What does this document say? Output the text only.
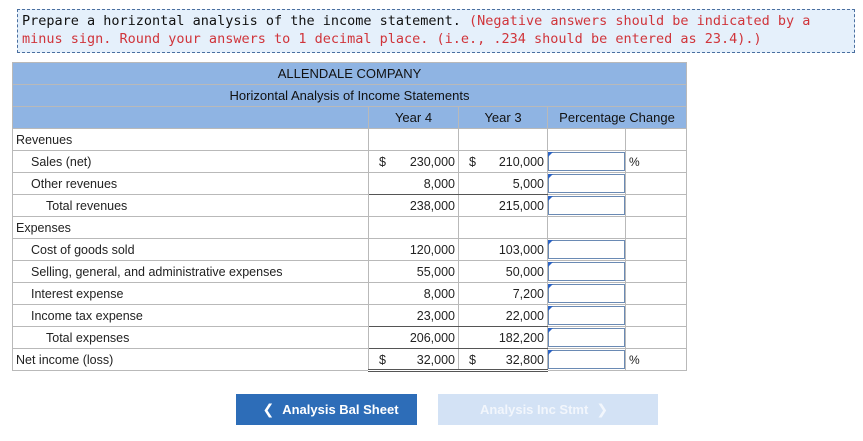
Prepare a horizontal analysis of the income statement. (Negative answers should be indicated by a minus sign. Round your answers to 1 decimal place. (i.e., .234 should be entered as 23.4).)
ALLENDALE COMPANY				
Horizontal Analysis of Income Statements				
	Year 4	Year 3	Percentage Change	
Revenues				
Sales (net)	$ 230,000	$ 210,000		%

Other revenues	8,000	5,000		

Total revenues	238,000	215,000		

Expenses				
Cost of goods sold	120,000	103,000		

Selling, general, and administrative expenses	55,000	50,000		

Interest expense	8,000	7,200		

Income tax expense	23,000	22,000		

Total expenses	206,000	182,200		

Net income (loss)	$ 32,000	$ 32,800		%
❮ Analysis Bal Sheet	Analysis Inc Stmt ❯
